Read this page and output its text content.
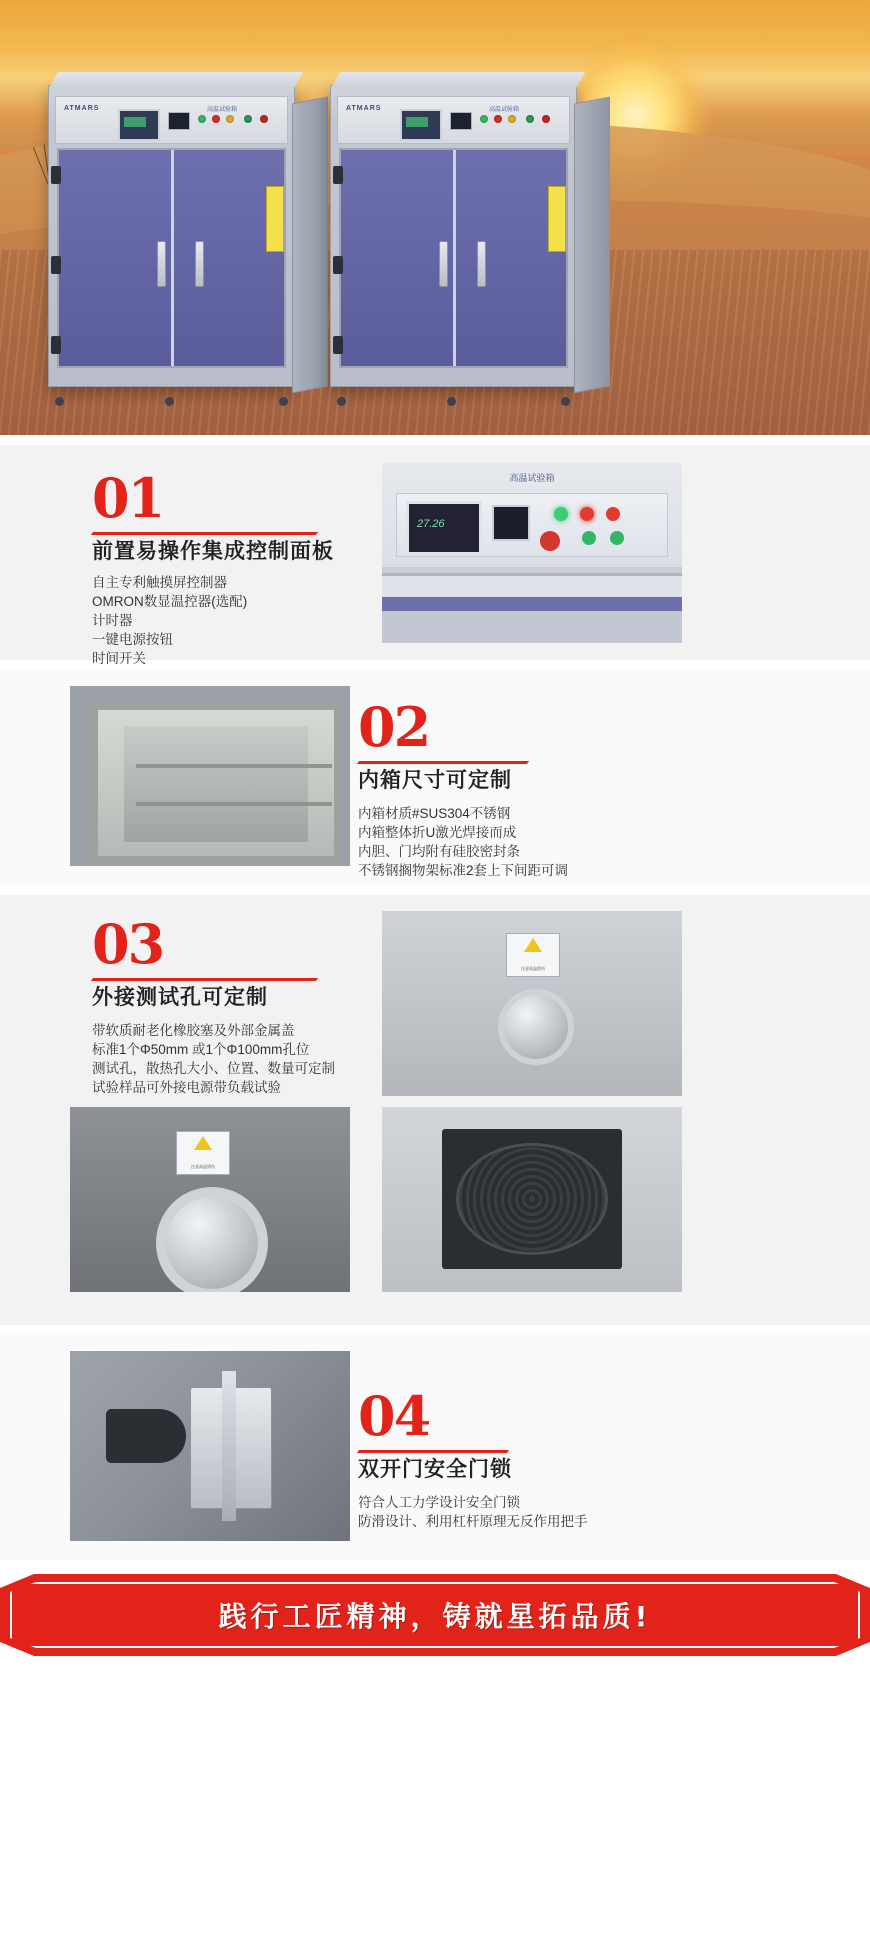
ATMARS	高温试验箱	ATMARS	高温试验箱
01
前置易操作集成控制面板
自主专利触摸屏控制器
OMRON数显温控器(选配)
计时器
一键电源按钮
时间开关
高温试验箱
27.26
02
内箱尺寸可定制
内箱材质#SUS304不锈钢
内箱整体折U激光焊接而成
内胆、门均附有硅胶密封条
不锈钢搁物架标准2套上下间距可调
03
外接测试孔可定制
带软质耐老化橡胶塞及外部金属盖
标准1个Φ50mm 或1个Φ100mm孔位
测试孔，散热孔大小、位置、数量可定制
试验样品可外接电源带负载试验
注意高温烫伤
注意高温烫伤
04
双开门安全门锁
符合人工力学设计安全门锁
防滑设计、利用杠杆原理无反作用把手
践行工匠精神，铸就星拓品质!
